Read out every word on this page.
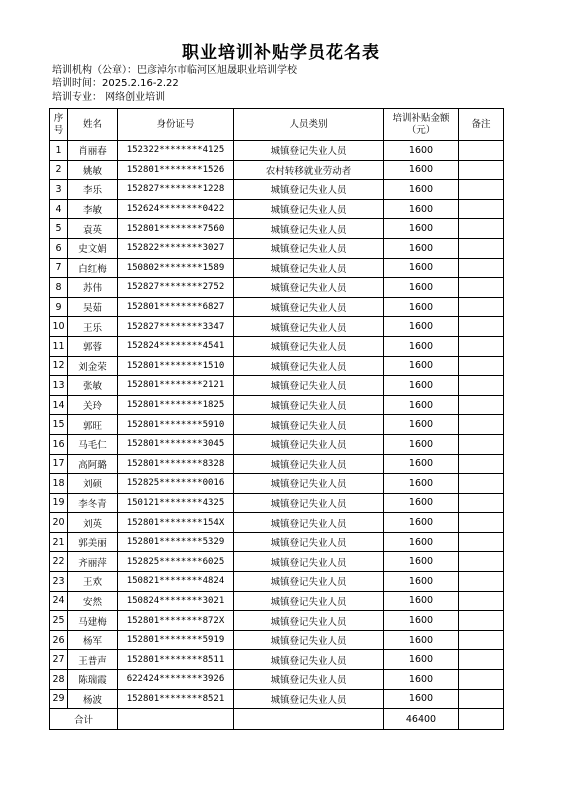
职业培训补贴学员花名表
培训机构（公章）：巴彦淖尔市临河区旭晟职业培训学校
培训时间：2025.2.16-2.22
培训专业： 网络创业培训
序号	姓名	身份证号	人员类别	培训补贴金额（元）	备注
1	肖丽春	152322********4125	城镇登记失业人员	1600	
2	姚敏	152801********1526	农村转移就业劳动者	1600	
3	李乐	152827********1228	城镇登记失业人员	1600	
4	李敏	152624********0422	城镇登记失业人员	1600	
5	袁英	152801********7560	城镇登记失业人员	1600	
6	史文娟	152822********3027	城镇登记失业人员	1600	
7	白红梅	150802********1589	城镇登记失业人员	1600	
8	苏伟	152827********2752	城镇登记失业人员	1600	
9	吴茹	152801********6827	城镇登记失业人员	1600	
10	王乐	152827********3347	城镇登记失业人员	1600	
11	郭蓉	152824********4541	城镇登记失业人员	1600	
12	刘金荣	152801********1510	城镇登记失业人员	1600	
13	张敏	152801********2121	城镇登记失业人员	1600	
14	关玲	152801********1825	城镇登记失业人员	1600	
15	郭旺	152801********5910	城镇登记失业人员	1600	
16	马毛仁	152801********3045	城镇登记失业人员	1600	
17	高阿璐	152801********8328	城镇登记失业人员	1600	
18	刘硕	152825********0016	城镇登记失业人员	1600	
19	李冬青	150121********4325	城镇登记失业人员	1600	
20	刘英	152801********154X	城镇登记失业人员	1600	
21	郭美丽	152801********5329	城镇登记失业人员	1600	
22	齐丽萍	152825********6025	城镇登记失业人员	1600	
23	王欢	150821********4824	城镇登记失业人员	1600	
24	安然	150824********3021	城镇登记失业人员	1600	
25	马建梅	152801********872X	城镇登记失业人员	1600	
26	杨军	152801********5919	城镇登记失业人员	1600	
27	王普声	152801********8511	城镇登记失业人员	1600	
28	陈瑞霞	622424********3926	城镇登记失业人员	1600	
29	杨波	152801********8521	城镇登记失业人员	1600	
合计				46400	
